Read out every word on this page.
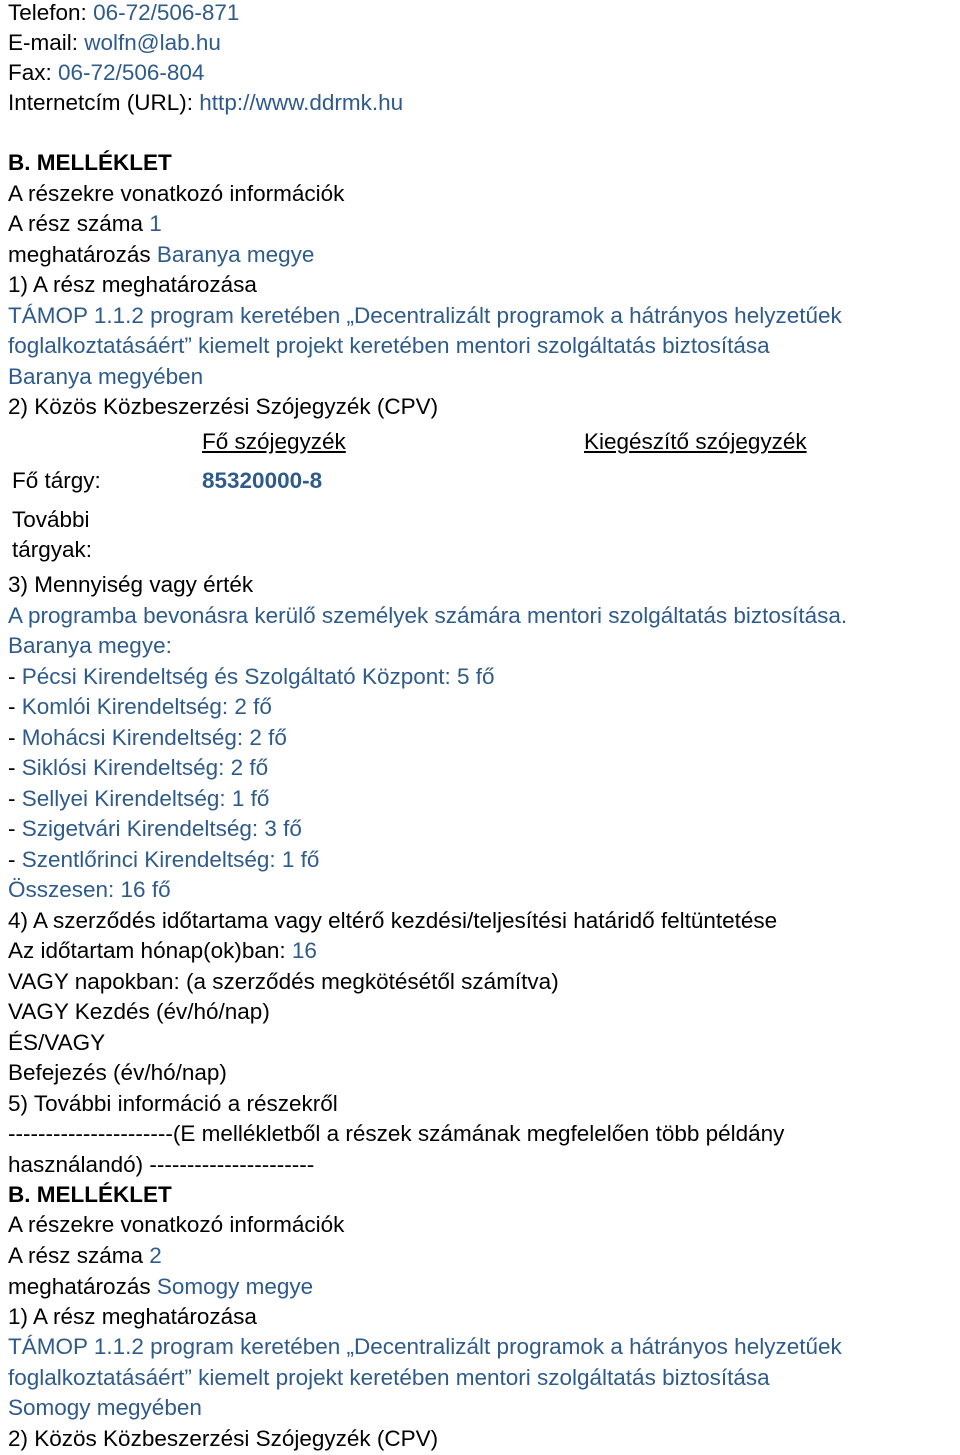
Telefon: 06-72/506-871
E-mail: wolfn@lab.hu
Fax: 06-72/506-804
Internetcím (URL): http://www.ddrmk.hu
B. MELLÉKLET
A részekre vonatkozó információk
A rész száma 1
meghatározás Baranya megye
1) A rész meghatározása
TÁMOP 1.1.2 program keretében „Decentralizált programok a hátrányos helyzetűek
foglalkoztatásáért” kiemelt projekt keretében mentori szolgáltatás biztosítása
Baranya megyében
2) Közös Közbeszerzési Szójegyzék (CPV)
Fő szójegyzék	Kiegészítő szójegyzék
Fő tárgy:	85320000-8
További
tárgyak:
3) Mennyiség vagy érték
A programba bevonásra kerülő személyek számára mentori szolgáltatás biztosítása.
Baranya megye:
- Pécsi Kirendeltség és Szolgáltató Központ: 5 fő
- Komlói Kirendeltség: 2 fő
- Mohácsi Kirendeltség: 2 fő
- Siklósi Kirendeltség: 2 fő
- Sellyei Kirendeltség: 1 fő
- Szigetvári Kirendeltség: 3 fő
- Szentlőrinci Kirendeltség: 1 fő
Összesen: 16 fő
4) A szerződés időtartama vagy eltérő kezdési/teljesítési határidő feltüntetése
Az időtartam hónap(ok)ban: 16
VAGY napokban: (a szerződés megkötésétől számítva)
VAGY Kezdés (év/hó/nap)
ÉS/VAGY
Befejezés (év/hó/nap)
5) További információ a részekről
----------------------(E mellékletből a részek számának megfelelően több példány
használandó) ----------------------
B. MELLÉKLET
A részekre vonatkozó információk
A rész száma 2
meghatározás Somogy megye
1) A rész meghatározása
TÁMOP 1.1.2 program keretében „Decentralizált programok a hátrányos helyzetűek
foglalkoztatásáért” kiemelt projekt keretében mentori szolgáltatás biztosítása
Somogy megyében
2) Közös Közbeszerzési Szójegyzék (CPV)
